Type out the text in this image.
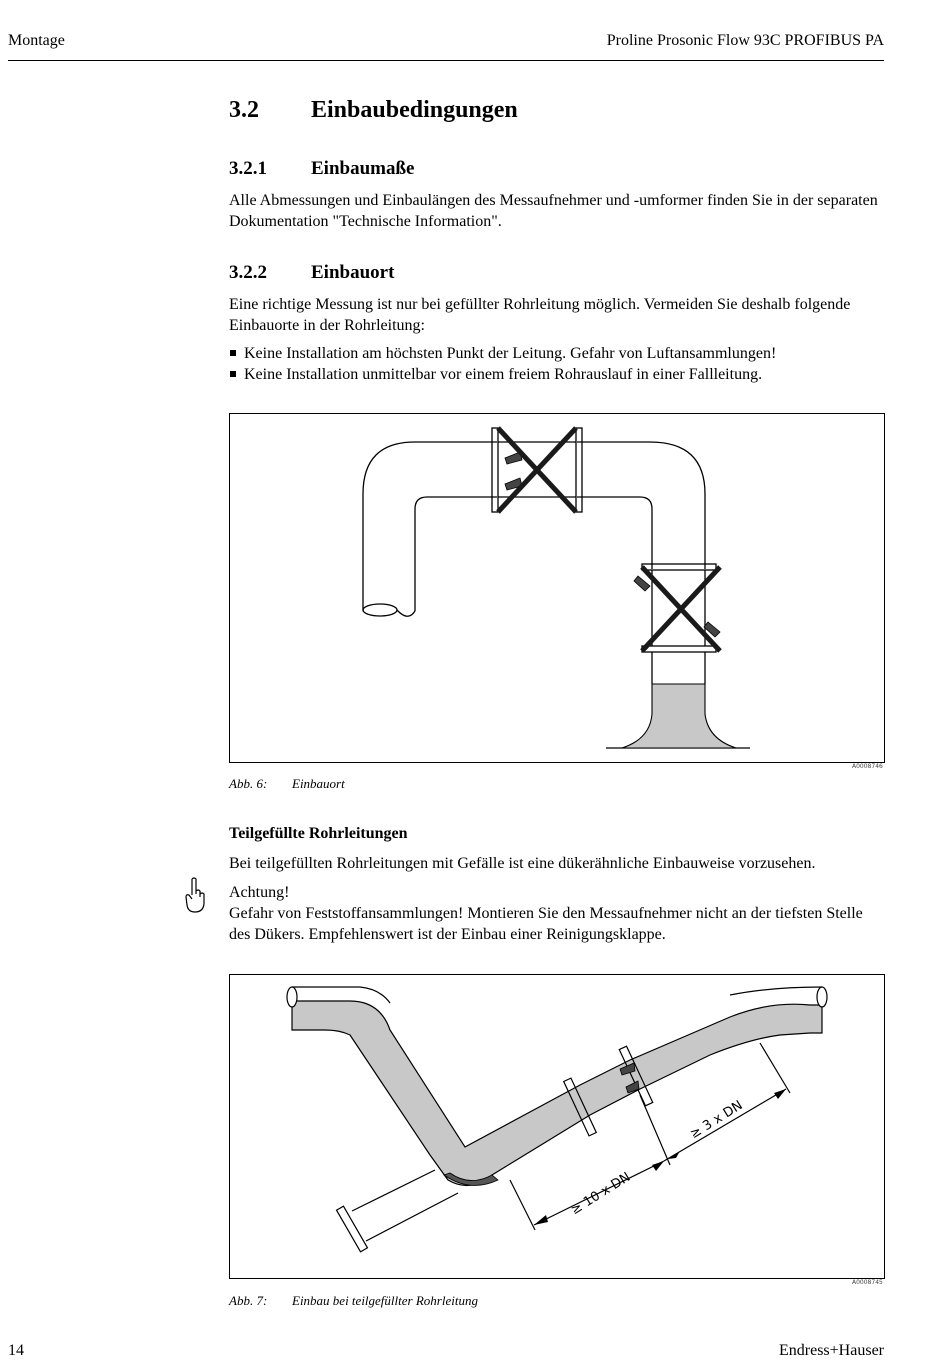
Montage	Proline Prosonic Flow 93C PROFIBUS PA
3.2 Einbaubedingungen
3.2.1 Einbaumaße
Alle Abmessungen und Einbaulängen des Messaufnehmer und -umformer finden Sie in der separaten Dokumentation "Technische Information".
3.2.2 Einbauort
Eine richtige Messung ist nur bei gefüllter Rohrleitung möglich. Vermeiden Sie deshalb folgende Einbauorte in der Rohrleitung:
Keine Installation am höchsten Punkt der Leitung. Gefahr von Luftansammlungen!
Keine Installation unmittelbar vor einem freiem Rohrauslauf in einer Fallleitung.
A0008746
Abb. 6: Einbauort
Teilgefüllte Rohrleitungen
Bei teilgefüllten Rohrleitungen mit Gefälle ist eine dükerähnliche Einbauweise vorzusehen.
Achtung!
Gefahr von Feststoffansammlungen! Montieren Sie den Messaufnehmer nicht an der tiefsten Stelle des Dükers. Empfehlenswert ist der Einbau einer Reinigungsklappe.
≥ 10 x DN
≥ 3 x DN
A0008745
Abb. 7: Einbau bei teilgefüllter Rohrleitung
14	Endress+Hauser
